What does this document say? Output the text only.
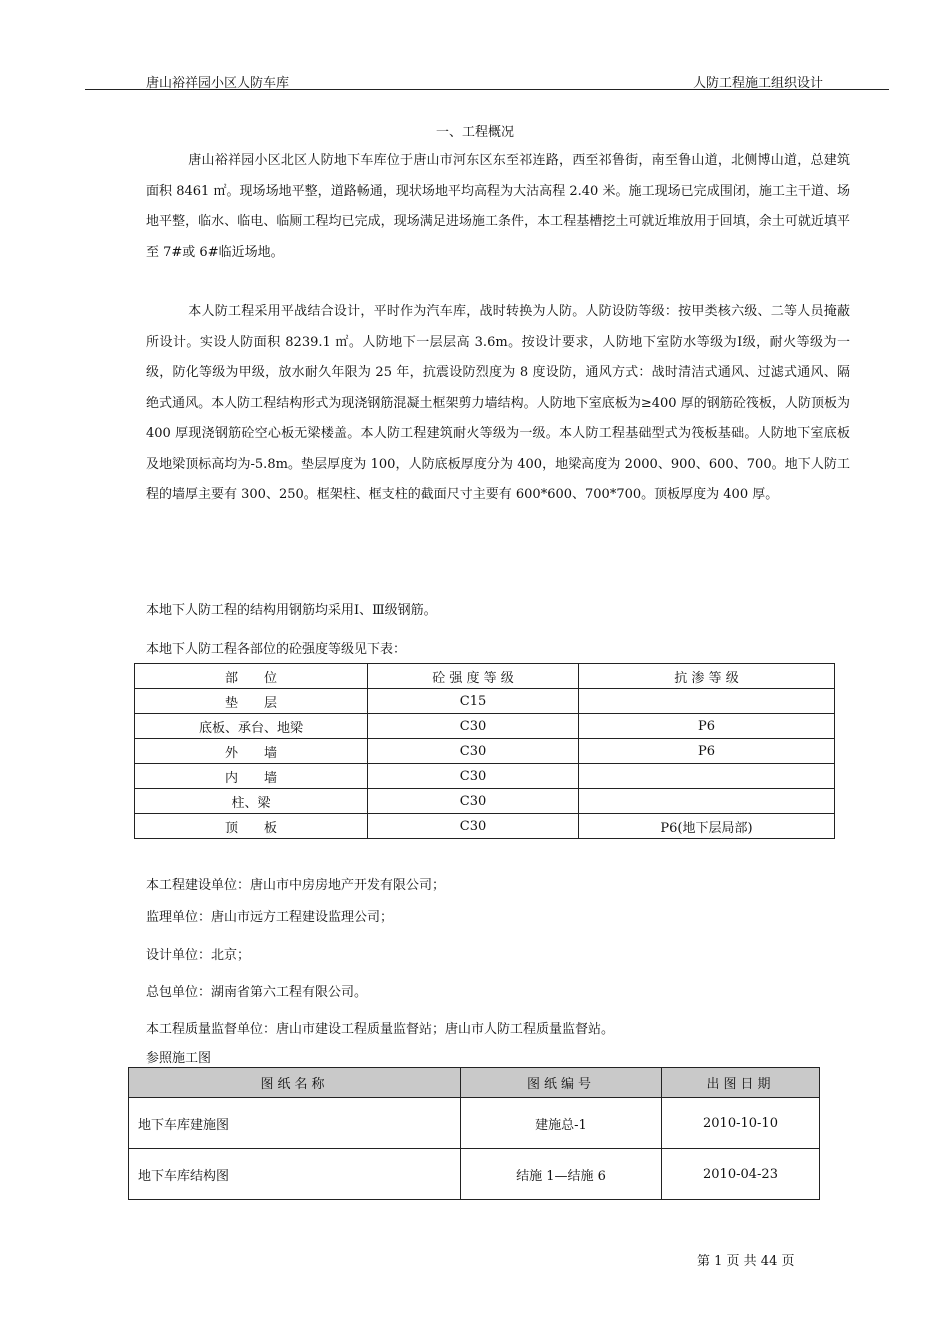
唐山裕祥园小区人防车库	人防工程施工组织设计
一、工程概况
唐山裕祥园小区北区人防地下车库位于唐山市河东区东至祁连路，西至祁鲁街，南至鲁山道，北侧博山道，总建筑面积 8461 ㎡。现场场地平整，道路畅通，现状场地平均高程为大沽高程 2.40 米。施工现场已完成围闭，施工主干道、场地平整，临水、临电、临厕工程均已完成，现场满足进场施工条件，本工程基槽挖土可就近堆放用于回填，余土可就近填平至 7#或 6#临近场地。
本人防工程采用平战结合设计，平时作为汽车库，战时转换为人防。人防设防等级：按甲类核六级、二等人员掩蔽所设计。实设人防面积 8239.1 ㎡。人防地下一层层高 3.6m。按设计要求，人防地下室防水等级为Ⅰ级，耐火等级为一级，防化等级为甲级，放水耐久年限为 25 年，抗震设防烈度为 8 度设防，通风方式：战时清洁式通风、过滤式通风、隔绝式通风。本人防工程结构形式为现浇钢筋混凝土框架剪力墙结构。人防地下室底板为≥400 厚的钢筋砼筏板，人防顶板为 400 厚现浇钢筋砼空心板无梁楼盖。本人防工程建筑耐火等级为一级。本人防工程基础型式为筏板基础。人防地下室底板及地梁顶标高均为-5.8m。垫层厚度为 100，人防底板厚度分为 400，地梁高度为 2000、900、600、700。地下人防工程的墙厚主要有 300、250。框架柱、框支柱的截面尺寸主要有 600*600、700*700。顶板厚度为 400 厚。
本地下人防工程的结构用钢筋均采用Ⅰ、Ⅲ级钢筋。
本地下人防工程各部位的砼强度等级见下表：
部　　位	砼 强 度 等 级	抗 渗 等 级
垫　　层	C15	
底板、承台、地梁	C30	P6
外　　墙	C30	P6
内　　墙	C30	
柱、梁	C30	
顶　　板	C30	P6(地下层局部)
本工程建设单位：唐山市中房房地产开发有限公司；
监理单位：唐山市远方工程建设监理公司；
设计单位：北京；
总包单位：湖南省第六工程有限公司。
本工程质量监督单位：唐山市建设工程质量监督站；唐山市人防工程质量监督站。
参照施工图
图纸名称	图纸编号	出图日期
地下车库建施图	建施总-1	2010-10-10
地下车库结构图	结施 1—结施 6	2010-04-23
第 1 页 共 44 页
